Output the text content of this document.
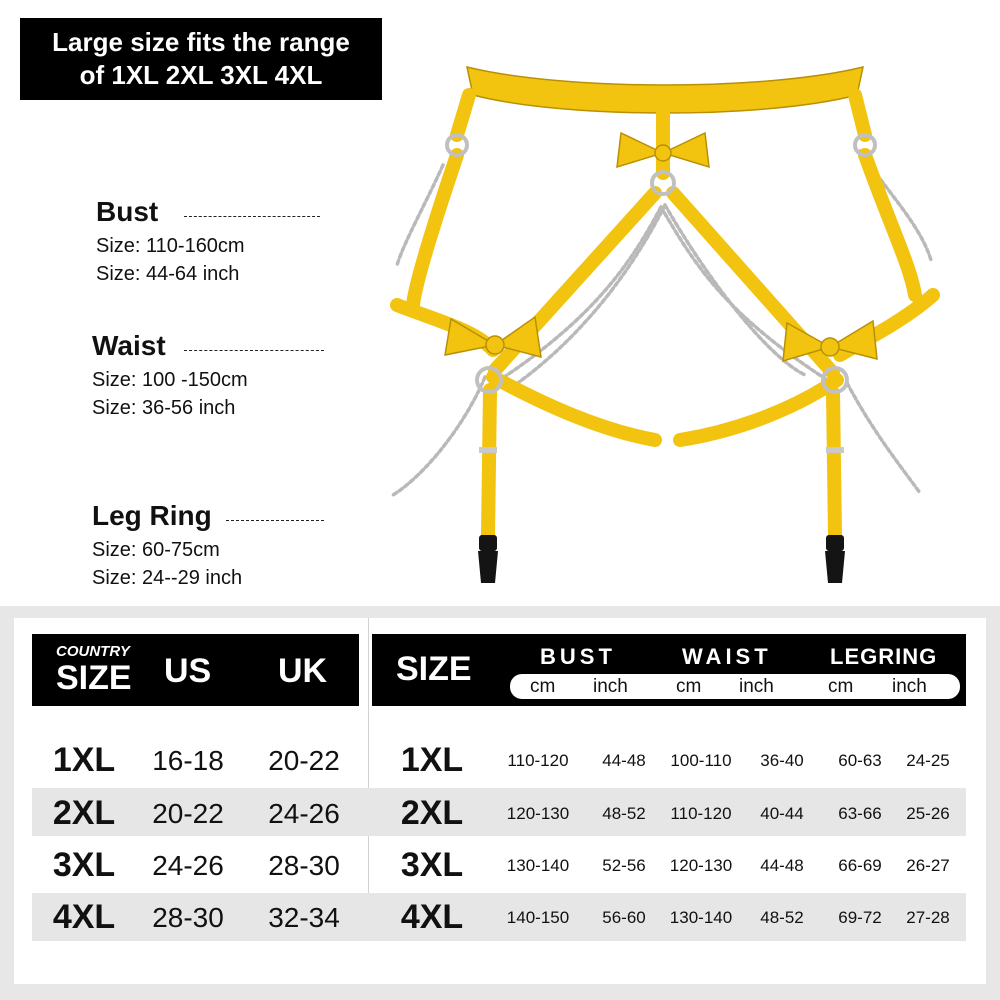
Large size fits the range
of 1XL 2XL 3XL 4XL
Bust
Size: 110-160cm
Size: 44-64 inch
Waist
Size: 100 -150cm
Size: 36-56 inch
Leg Ring
Size: 60-75cm
Size: 24--29 inch
COUNTRY
SIZE US UK SIZE	BUST	WAIST	LEGRING
cm inch	cm inch	cm inch
1XL	16-18	20-22 1XL	110-120	44-48	100-110	36-40	60-63	24-25
2XL	20-22	24-26 2XL	120-130	48-52	110-120	40-44	63-66	25-26
3XL	24-26	28-30 3XL	130-140	52-56	120-130	44-48	66-69	26-27
4XL	28-30	32-34 4XL	140-150	56-60	130-140	48-52	69-72	27-28
